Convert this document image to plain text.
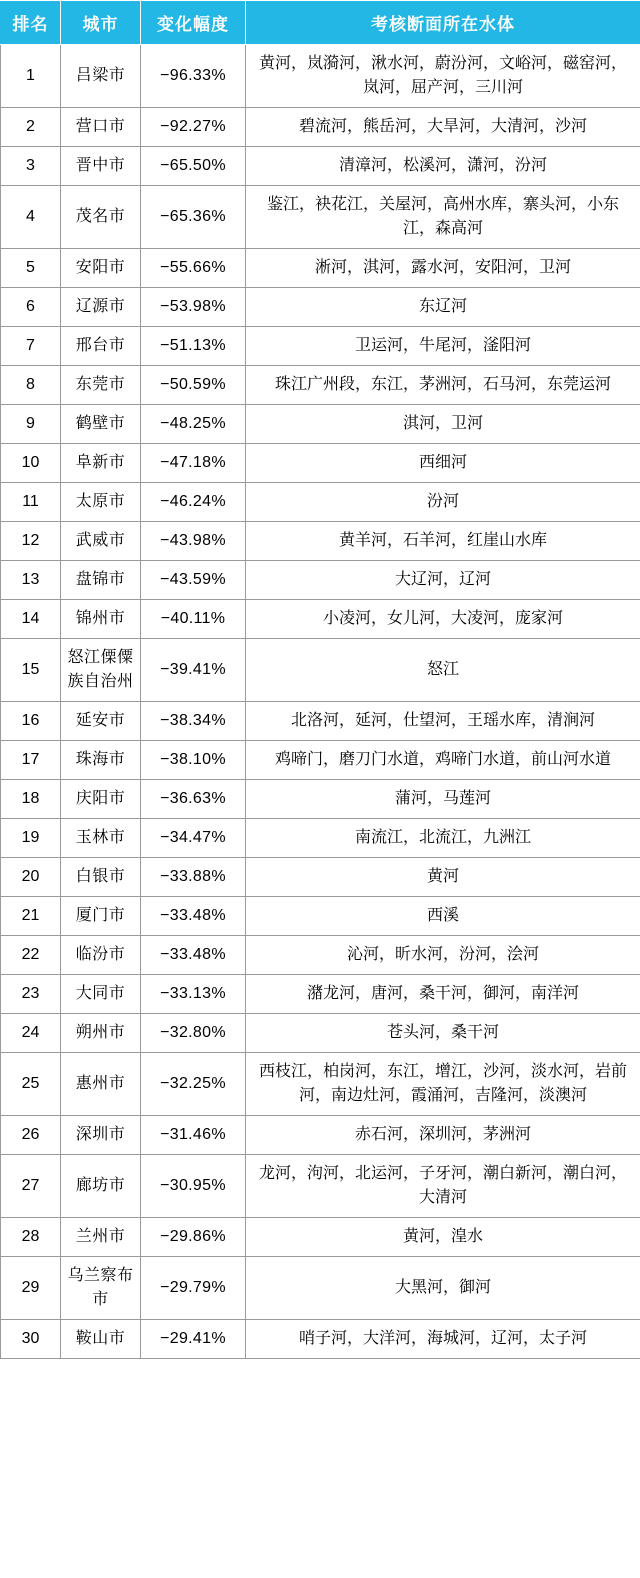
排名	城市	变化幅度	考核断面所在水体
1	吕梁市	−96.33%	黄河，岚漪河，湫水河，蔚汾河，文峪河，磁窑河，岚河，屈产河，三川河
2	营口市	−92.27%	碧流河，熊岳河，大旱河，大清河，沙河
3	晋中市	−65.50%	清漳河，松溪河，潇河，汾河
4	茂名市	−65.36%	鉴江，袂花江，关屋河，高州水库，寨头河，小东江，森高河
5	安阳市	−55.66%	淅河，淇河，露水河，安阳河，卫河
6	辽源市	−53.98%	东辽河
7	邢台市	−51.13%	卫运河，牛尾河，滏阳河
8	东莞市	−50.59%	珠江广州段，东江，茅洲河，石马河，东莞运河
9	鹤壁市	−48.25%	淇河，卫河
10	阜新市	−47.18%	西细河
11	太原市	−46.24%	汾河
12	武威市	−43.98%	黄羊河，石羊河，红崖山水库
13	盘锦市	−43.59%	大辽河，辽河
14	锦州市	−40.11%	小凌河，女儿河，大凌河，庞家河
15	怒江傈僳族自治州	−39.41%	怒江
16	延安市	−38.34%	北洛河，延河，仕望河，王瑶水库，清涧河
17	珠海市	−38.10%	鸡啼门，磨刀门水道，鸡啼门水道，前山河水道
18	庆阳市	−36.63%	蒲河，马莲河
19	玉林市	−34.47%	南流江，北流江，九洲江
20	白银市	−33.88%	黄河
21	厦门市	−33.48%	西溪
22	临汾市	−33.48%	沁河，昕水河，汾河，浍河
23	大同市	−33.13%	潴龙河，唐河，桑干河，御河，南洋河
24	朔州市	−32.80%	苍头河，桑干河
25	惠州市	−32.25%	西枝江，柏岗河，东江，增江，沙河，淡水河，岩前河，南边灶河，霞涌河，吉隆河，淡澳河
26	深圳市	−31.46%	赤石河，深圳河，茅洲河
27	廊坊市	−30.95%	龙河，泃河，北运河，子牙河，潮白新河，潮白河，大清河
28	兰州市	−29.86%	黄河，湟水
29	乌兰察布市	−29.79%	大黑河，御河
30	鞍山市	−29.41%	哨子河，大洋河，海城河，辽河，太子河
